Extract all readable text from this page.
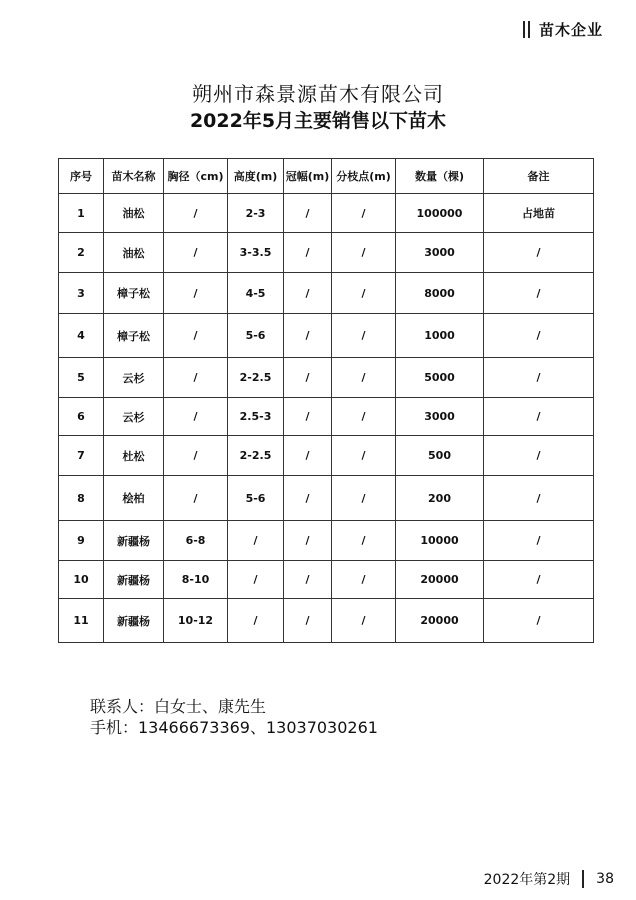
苗木企业
朔州市森景源苗木有限公司
2022年5月主要销售以下苗木
序号	苗木名称	胸径（cm)	高度(m)	冠幅(m)	分枝点(m)	数量（棵)	备注
1	油松	/	2-3	/	/	100000	占地苗
2	油松	/	3-3.5	/	/	3000	/
3	樟子松	/	4-5	/	/	8000	/
4	樟子松	/	5-6	/	/	1000	/
5	云杉	/	2-2.5	/	/	5000	/
6	云杉	/	2.5-3	/	/	3000	/
7	杜松	/	2-2.5	/	/	500	/
8	桧柏	/	5-6	/	/	200	/
9	新疆杨	6-8	/	/	/	10000	/
10	新疆杨	8-10	/	/	/	20000	/
11	新疆杨	10-12	/	/	/	20000	/
联系人：白女士、康先生
手机：13466673369、13037030261
2022年第2期 38
